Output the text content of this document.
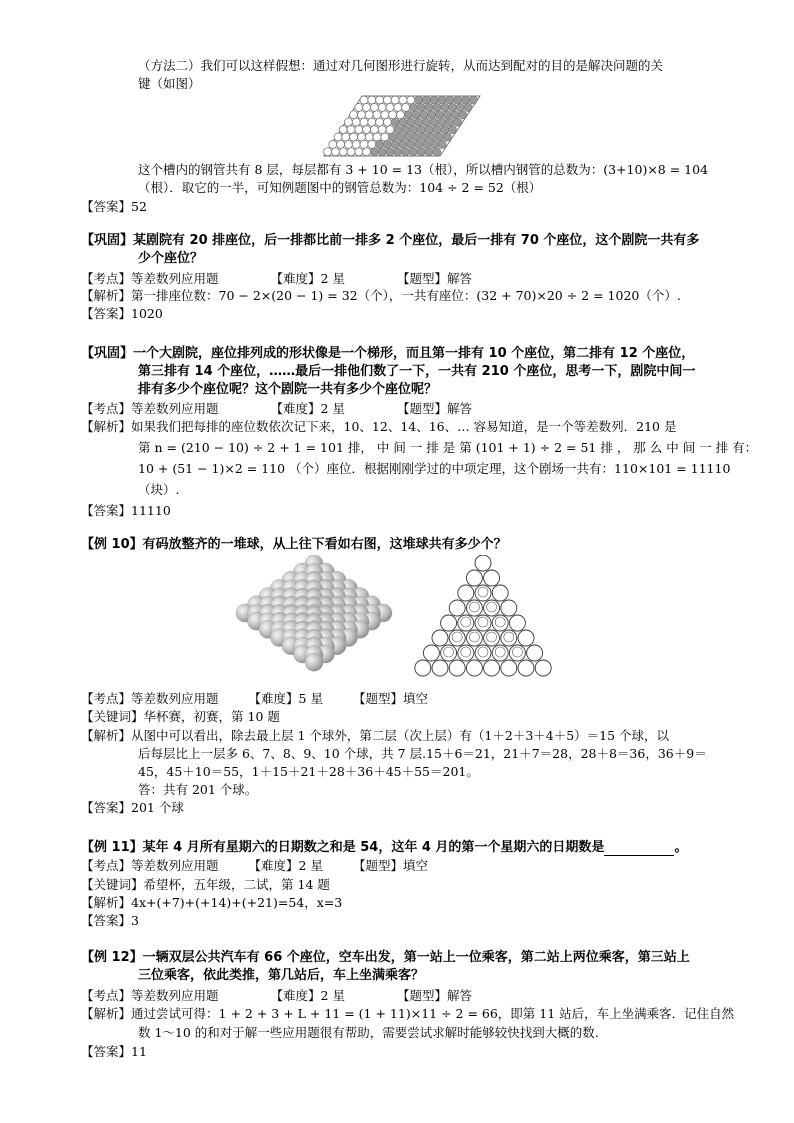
（方法二）我们可以这样假想：通过对几何图形进行旋转，从而达到配对的目的是解决问题的关
键（如图）
这个槽内的钢管共有 8 层，每层都有 3 + 10 = 13（根），所以槽内钢管的总数为：(3+10)×8 = 104
（根）．取它的一半，可知例题图中的钢管总数为：104 ÷ 2 = 52（根）
【答案】52
【巩固】某剧院有 20 排座位，后一排都比前一排多 2 个座位，最后一排有 70 个座位，这个剧院一共有多
少个座位？
【考点】等差数列应用题	【难度】2 星	【题型】解答
【解析】第一排座位数：70 − 2×(20 − 1) = 32（个），一共有座位：(32 + 70)×20 ÷ 2 = 1020（个）.
【答案】1020
【巩固】一个大剧院，座位排列成的形状像是一个梯形，而且第一排有 10 个座位，第二排有 12 个座位，
第三排有 14 个座位，……最后一排他们数了一下，一共有 210 个座位，思考一下，剧院中间一
排有多少个座位呢？这个剧院一共有多少个座位呢？
【考点】等差数列应用题	【难度】2 星	【题型】解答
【解析】如果我们把每排的座位数依次记下来，10、12、14、16、… 容易知道，是一个等差数列．210 是
第 n = (210 − 10) ÷ 2 + 1 = 101 排， 中 间 一 排 是 第 (101 + 1) ÷ 2 = 51 排 ， 那 么 中 间 一 排 有：
10 + (51 − 1)×2 = 110 （个）座位．根据刚刚学过的中项定理，这个剧场一共有：110×101 = 11110
（块）.
【答案】11110
【例 10】有码放整齐的一堆球，从上往下看如右图，这堆球共有多少个？
【考点】等差数列应用题 【难度】5 星 【题型】填空
【关键词】华杯赛，初赛，第 10 题
【解析】从图中可以看出，除去最上层 1 个球外，第二层（次上层）有（1＋2＋3＋4＋5）＝15 个球，以
后每层比上一层多 6、7、8、9、10 个球，共 7 层.15＋6＝21，21＋7＝28，28＋8＝36，36＋9＝
45，45＋10＝55，1＋15＋21＋28＋36＋45＋55＝201。
答：共有 201 个球。
【答案】201 个球
【例 11】某年 4 月所有星期六的日期数之和是 54，这年 4 月的第一个星期六的日期数是	。
【考点】等差数列应用题 【难度】2 星 【题型】填空
【关键词】希望杯，五年级，二试，第 14 题
【解析】4x+(+7)+(+14)+(+21)=54，x=3
【答案】3
【例 12】一辆双层公共汽车有 66 个座位，空车出发，第一站上一位乘客，第二站上两位乘客，第三站上
三位乘客，依此类推，第几站后，车上坐满乘客？
【考点】等差数列应用题	【难度】2 星	【题型】解答
【解析】通过尝试可得：1 + 2 + 3 + L + 11 = (1 + 11)×11 ÷ 2 = 66，即第 11 站后，车上坐满乘客．记住自然
数 1～10 的和对于解一些应用题很有帮助，需要尝试求解时能够较快找到大概的数.
【答案】11
